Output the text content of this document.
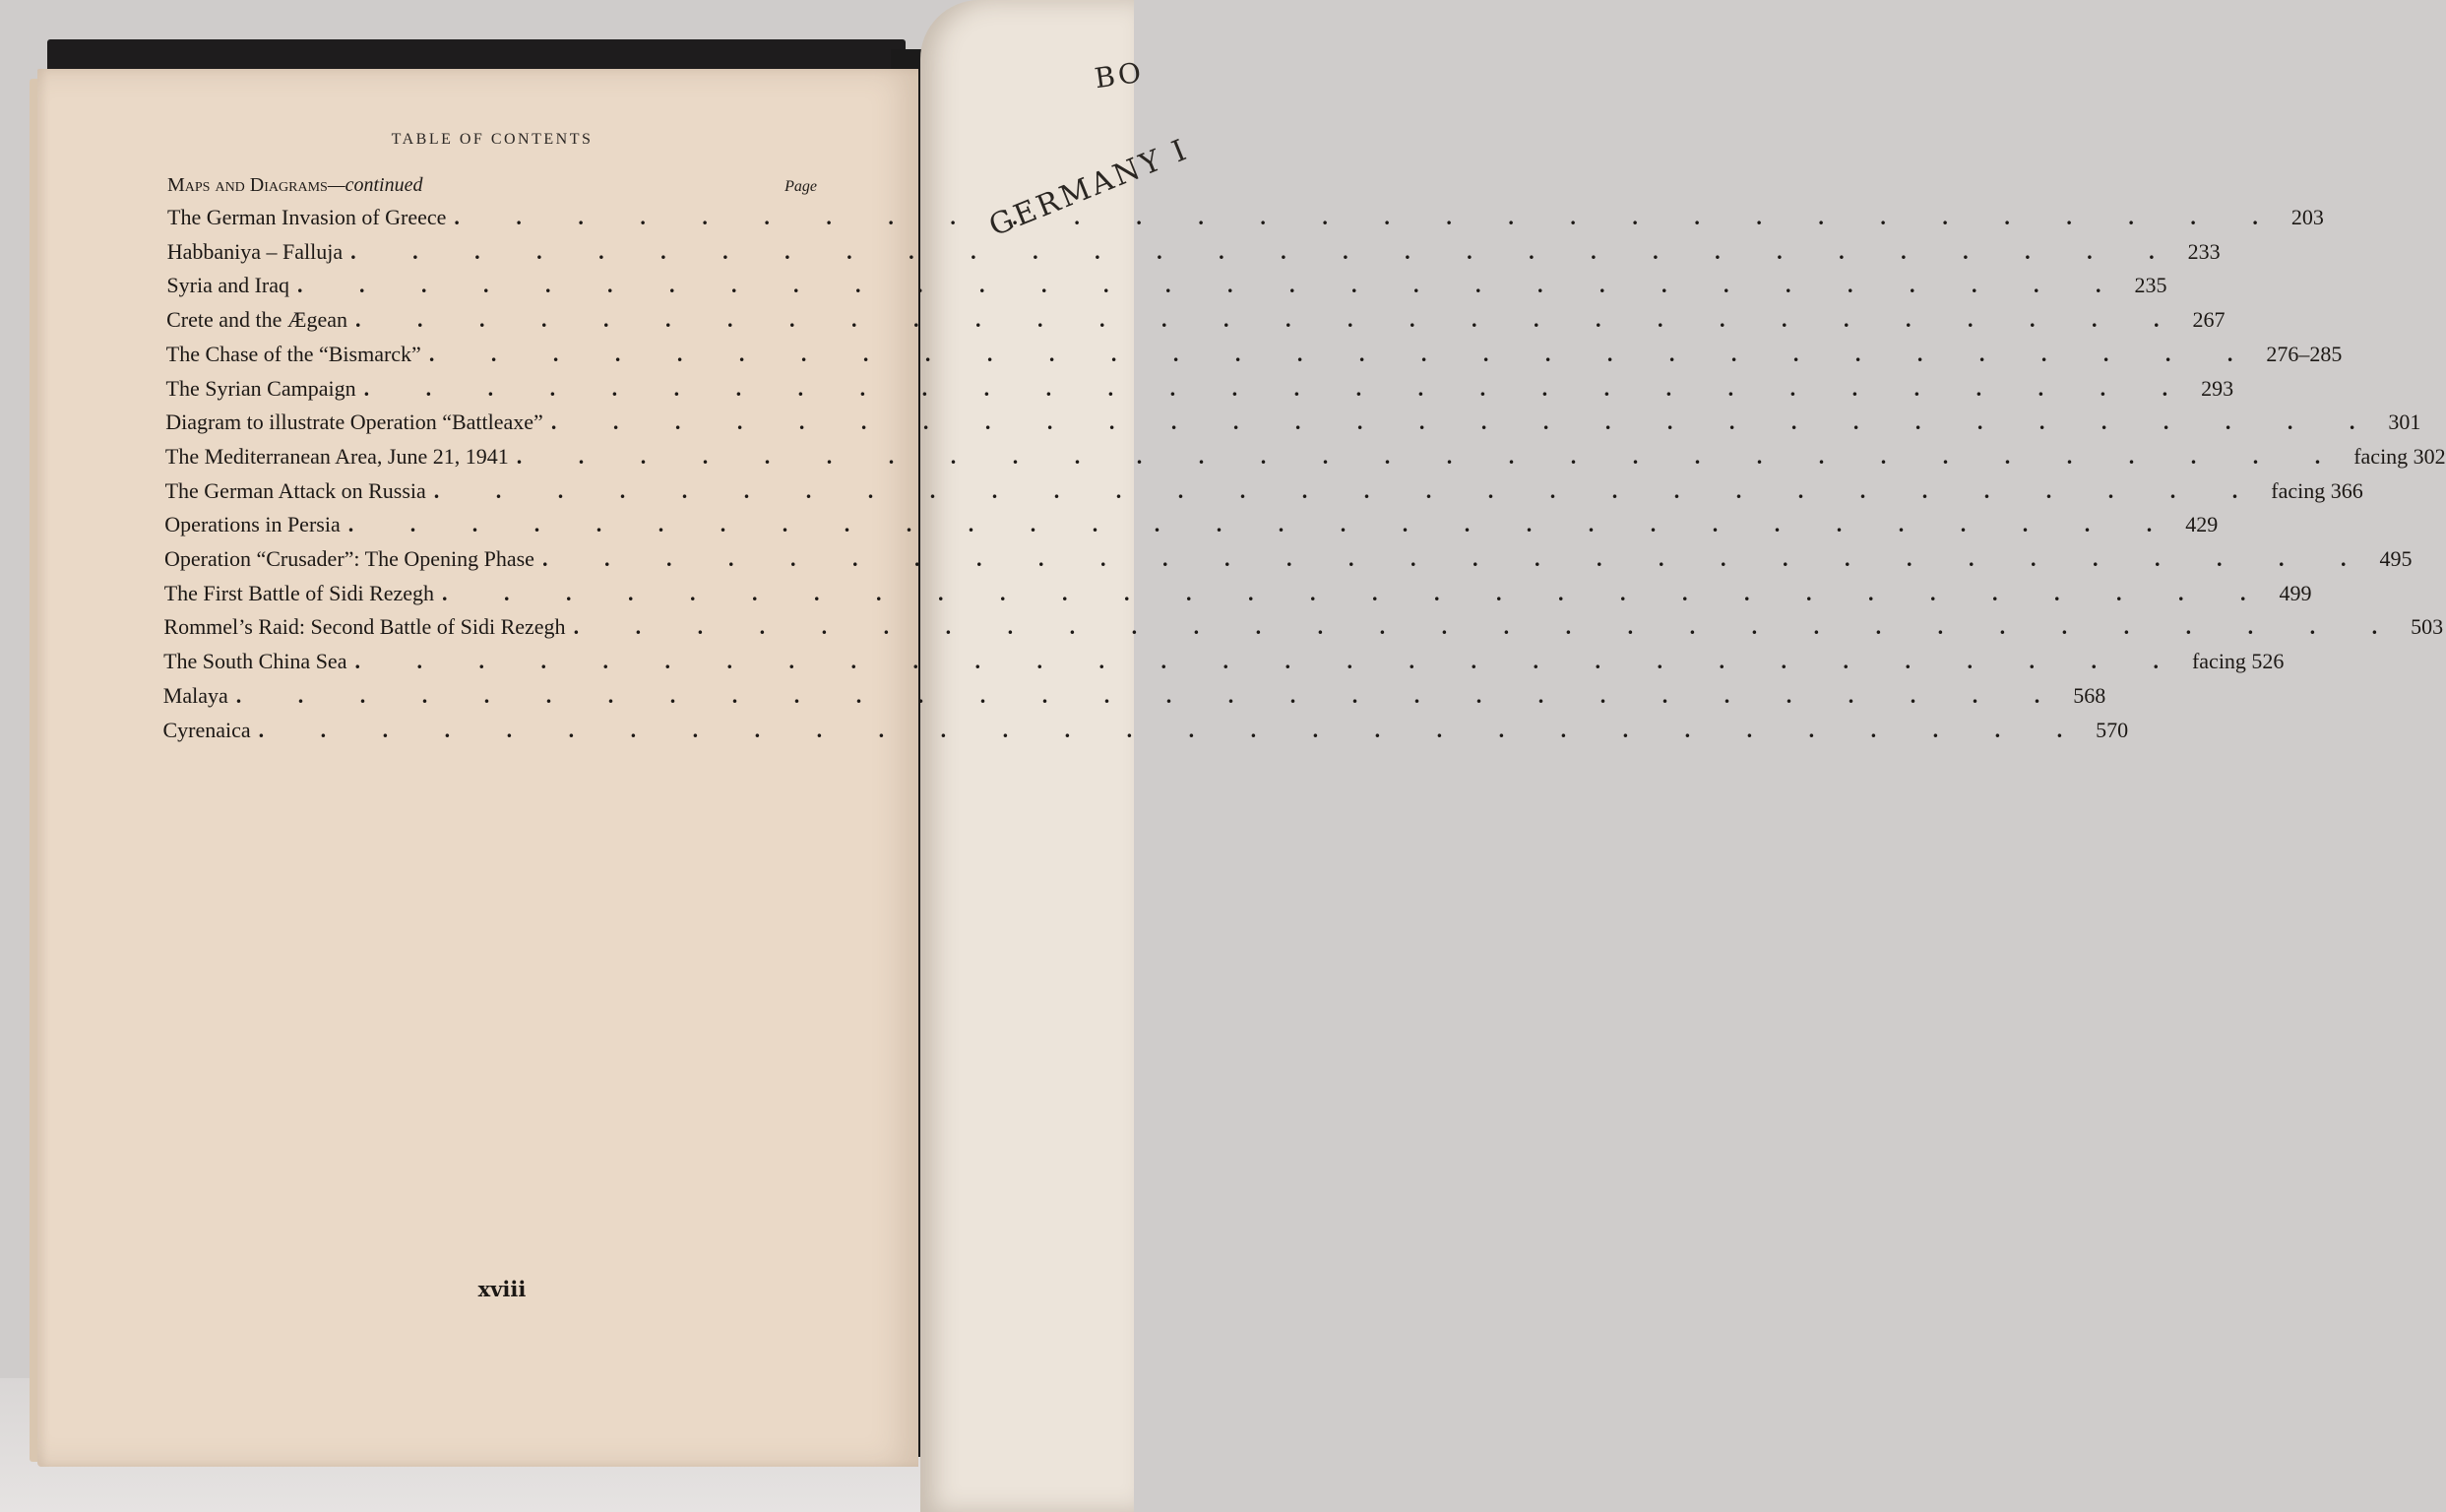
BO
GERMANY I
TABLE OF CONTENTS
Maps and Diagrams—continued	Page
The German Invasion of Greece . . . . . . . . . . . . . . . . . . . . . . . . . . . . . . 203
Habbaniya – Falluja . . . . . . . . . . . . . . . . . . . . . . . . . . . . . . 233
Syria and Iraq . . . . . . . . . . . . . . . . . . . . . . . . . . . . . . 235
Crete and the Ægean . . . . . . . . . . . . . . . . . . . . . . . . . . . . . . 267
The Chase of the “Bismarck” . . . . . . . . . . . . . . . . . . . . . . . . . . . . . . 276–285
The Syrian Campaign . . . . . . . . . . . . . . . . . . . . . . . . . . . . . . 293
Diagram to illustrate Operation “Battleaxe” . . . . . . . . . . . . . . . . . . . . . . . . . . . . . . 301
The Mediterranean Area, June 21, 1941 . . . . . . . . . . . . . . . . . . . . . . . . . . . . . . facing 302
The German Attack on Russia . . . . . . . . . . . . . . . . . . . . . . . . . . . . . . facing 366
Operations in Persia . . . . . . . . . . . . . . . . . . . . . . . . . . . . . . 429
Operation “Crusader”: The Opening Phase . . . . . . . . . . . . . . . . . . . . . . . . . . . . . . 495
The First Battle of Sidi Rezegh . . . . . . . . . . . . . . . . . . . . . . . . . . . . . . 499
Rommel’s Raid: Second Battle of Sidi Rezegh . . . . . . . . . . . . . . . . . . . . . . . . . . . . . . 503
The South China Sea . . . . . . . . . . . . . . . . . . . . . . . . . . . . . . facing 526
Malaya . . . . . . . . . . . . . . . . . . . . . . . . . . . . . . 568
Cyrenaica . . . . . . . . . . . . . . . . . . . . . . . . . . . . . . 570
xviii
